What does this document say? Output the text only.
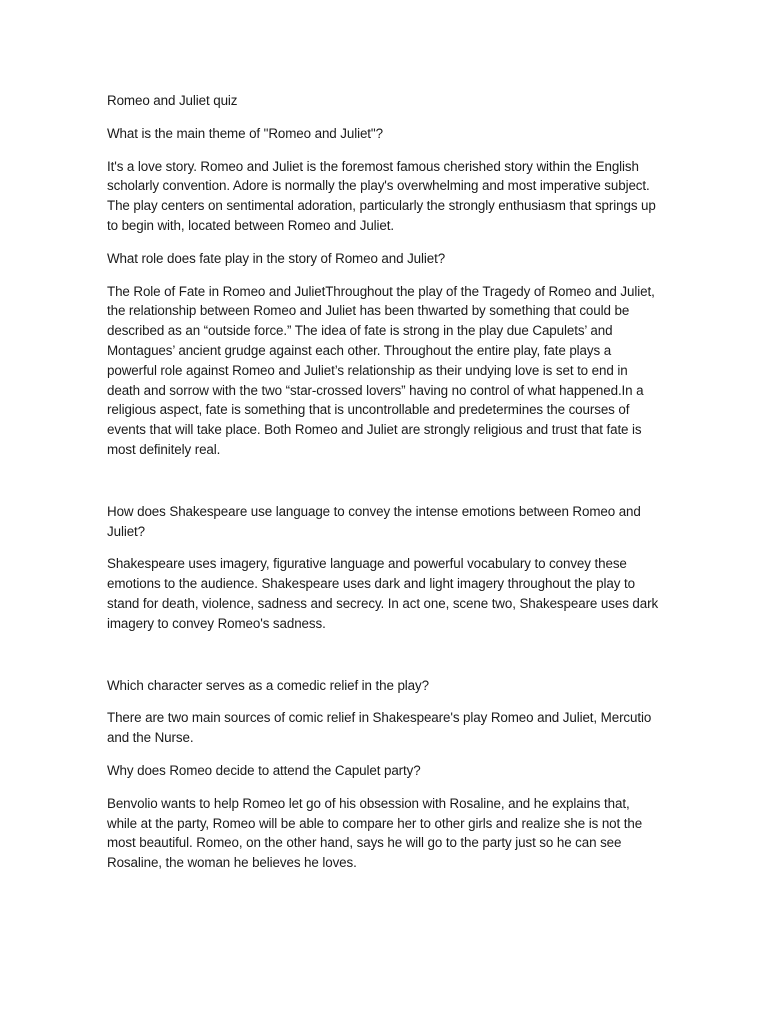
Romeo and Juliet quiz

What is the main theme of "Romeo and Juliet"?

It's a love story. Romeo and Juliet is the foremost famous cherished story within the English scholarly convention. Adore is normally the play's overwhelming and most imperative subject. The play centers on sentimental adoration, particularly the strongly enthusiasm that springs up to begin with, located between Romeo and Juliet.

What role does fate play in the story of Romeo and Juliet?

The Role of Fate in Romeo and JulietThroughout the play of the Tragedy of Romeo and Juliet, the relationship between Romeo and Juliet has been thwarted by something that could be described as an “outside force.” The idea of fate is strong in the play due Capulets’ and Montagues’ ancient grudge against each other. Throughout the entire play, fate plays a powerful role against Romeo and Juliet’s relationship as their undying love is set to end in death and sorrow with the two “star-crossed lovers” having no control of what happened.In a religious aspect, fate is something that is uncontrollable and predetermines the courses of events that will take place. Both Romeo and Juliet are strongly religious and trust that fate is most definitely real.

How does Shakespeare use language to convey the intense emotions between Romeo and Juliet?

Shakespeare uses imagery, figurative language and powerful vocabulary to convey these emotions to the audience. Shakespeare uses dark and light imagery throughout the play to stand for death, violence, sadness and secrecy. In act one, scene two, Shakespeare uses dark imagery to convey Romeo's sadness.

Which character serves as a comedic relief in the play?

There are two main sources of comic relief in Shakespeare's play Romeo and Juliet, Mercutio and the Nurse.

Why does Romeo decide to attend the Capulet party?

Benvolio wants to help Romeo let go of his obsession with Rosaline, and he explains that, while at the party, Romeo will be able to compare her to other girls and realize she is not the most beautiful. Romeo, on the other hand, says he will go to the party just so he can see Rosaline, the woman he believes he loves.
